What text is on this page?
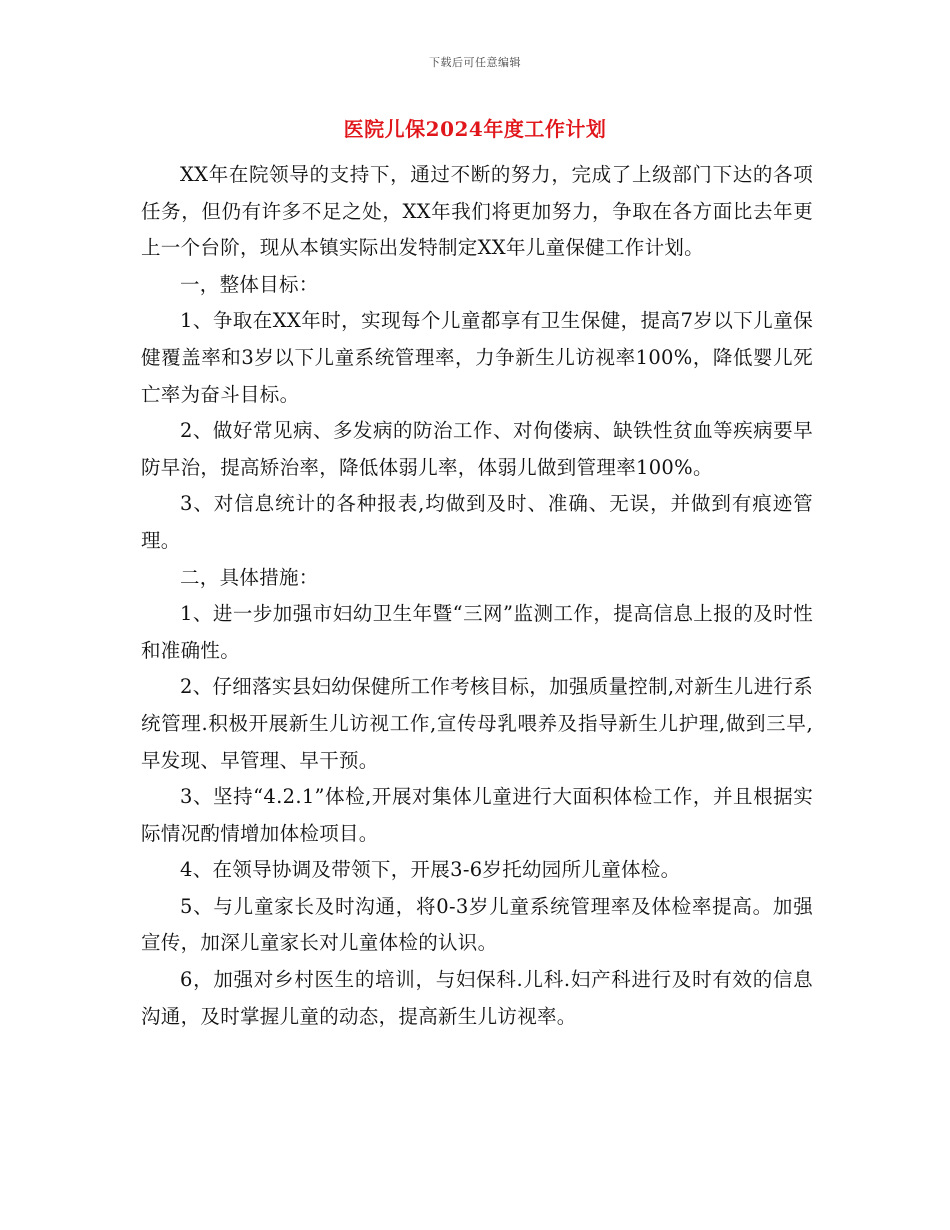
下载后可任意编辑
医院儿保2024年度工作计划

XX年在院领导的支持下，通过不断的努力，完成了上级部门下达的各项任务，但仍有许多不足之处，XX年我们将更加努力，争取在各方面比去年更上一个台阶，现从本镇实际出发特制定XX年儿童保健工作计划。

一，整体目标：

1、争取在XX年时，实现每个儿童都享有卫生保健，提高7岁以下儿童保健覆盖率和3岁以下儿童系统管理率，力争新生儿访视率100%，降低婴儿死亡率为奋斗目标。

2、做好常见病、多发病的防治工作、对佝偻病、缺铁性贫血等疾病要早防早治，提高矫治率，降低体弱儿率，体弱儿做到管理率100%。

3、对信息统计的各种报表,均做到及时、准确、无误，并做到有痕迹管理。

二，具体措施：

1、进一步加强市妇幼卫生年暨“三网”监测工作，提高信息上报的及时性和准确性。

2、仔细落实县妇幼保健所工作考核目标，加强质量控制,对新生儿进行系统管理.积极开展新生儿访视工作,宣传母乳喂养及指导新生儿护理,做到三早,早发现、早管理、早干预。

3、坚持“4.2.1”体检,开展对集体儿童进行大面积体检工作，并且根据实际情况酌情增加体检项目。

4、在领导协调及带领下，开展3-6岁托幼园所儿童体检。

5、与儿童家长及时沟通，将0-3岁儿童系统管理率及体检率提高。加强宣传，加深儿童家长对儿童体检的认识。

6，加强对乡村医生的培训，与妇保科.儿科.妇产科进行及时有效的信息沟通，及时掌握儿童的动态，提高新生儿访视率。
